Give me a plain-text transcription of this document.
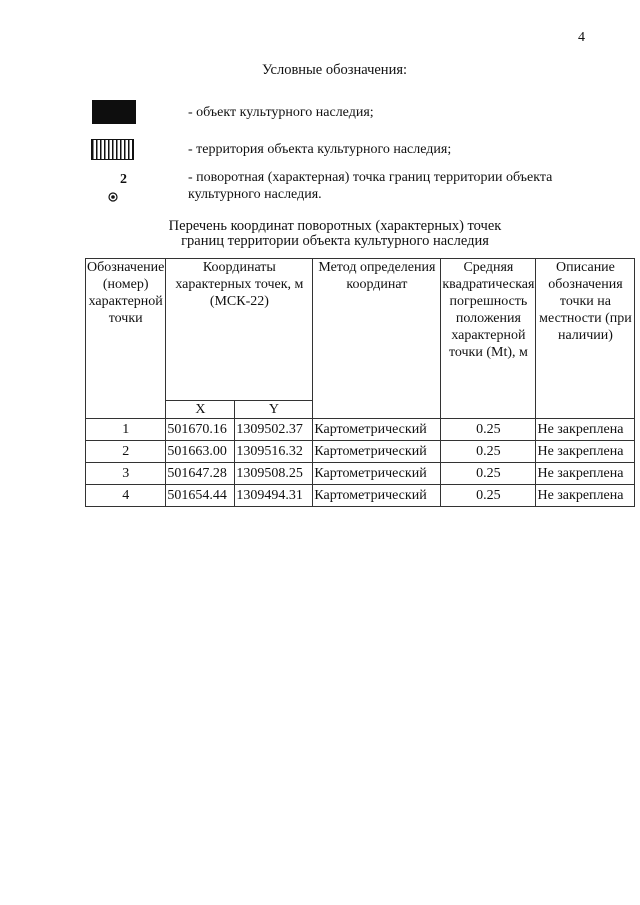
4
Условные обозначения:
- объект культурного наследия;
- территория объекта культурного наследия;
2	- поворотная (характерная) точка границ территории объекта культурного наследия.
Перечень координат поворотных (характерных) точек
границ территории объекта культурного наследия
Обозначение (номер) характерной точки	Координаты характерных точек, м (МСК-22)		Метод определения координат	Средняя квадратическая погрешность положения характерной точки (Mt), м	Описание обозначения точки на местности (при наличии)
	X	Y			
1	501670.16	1309502.37	Картометрический	0.25	Не закреплена
2	501663.00	1309516.32	Картометрический	0.25	Не закреплена
3	501647.28	1309508.25	Картометрический	0.25	Не закреплена
4	501654.44	1309494.31	Картометрический	0.25	Не закреплена
